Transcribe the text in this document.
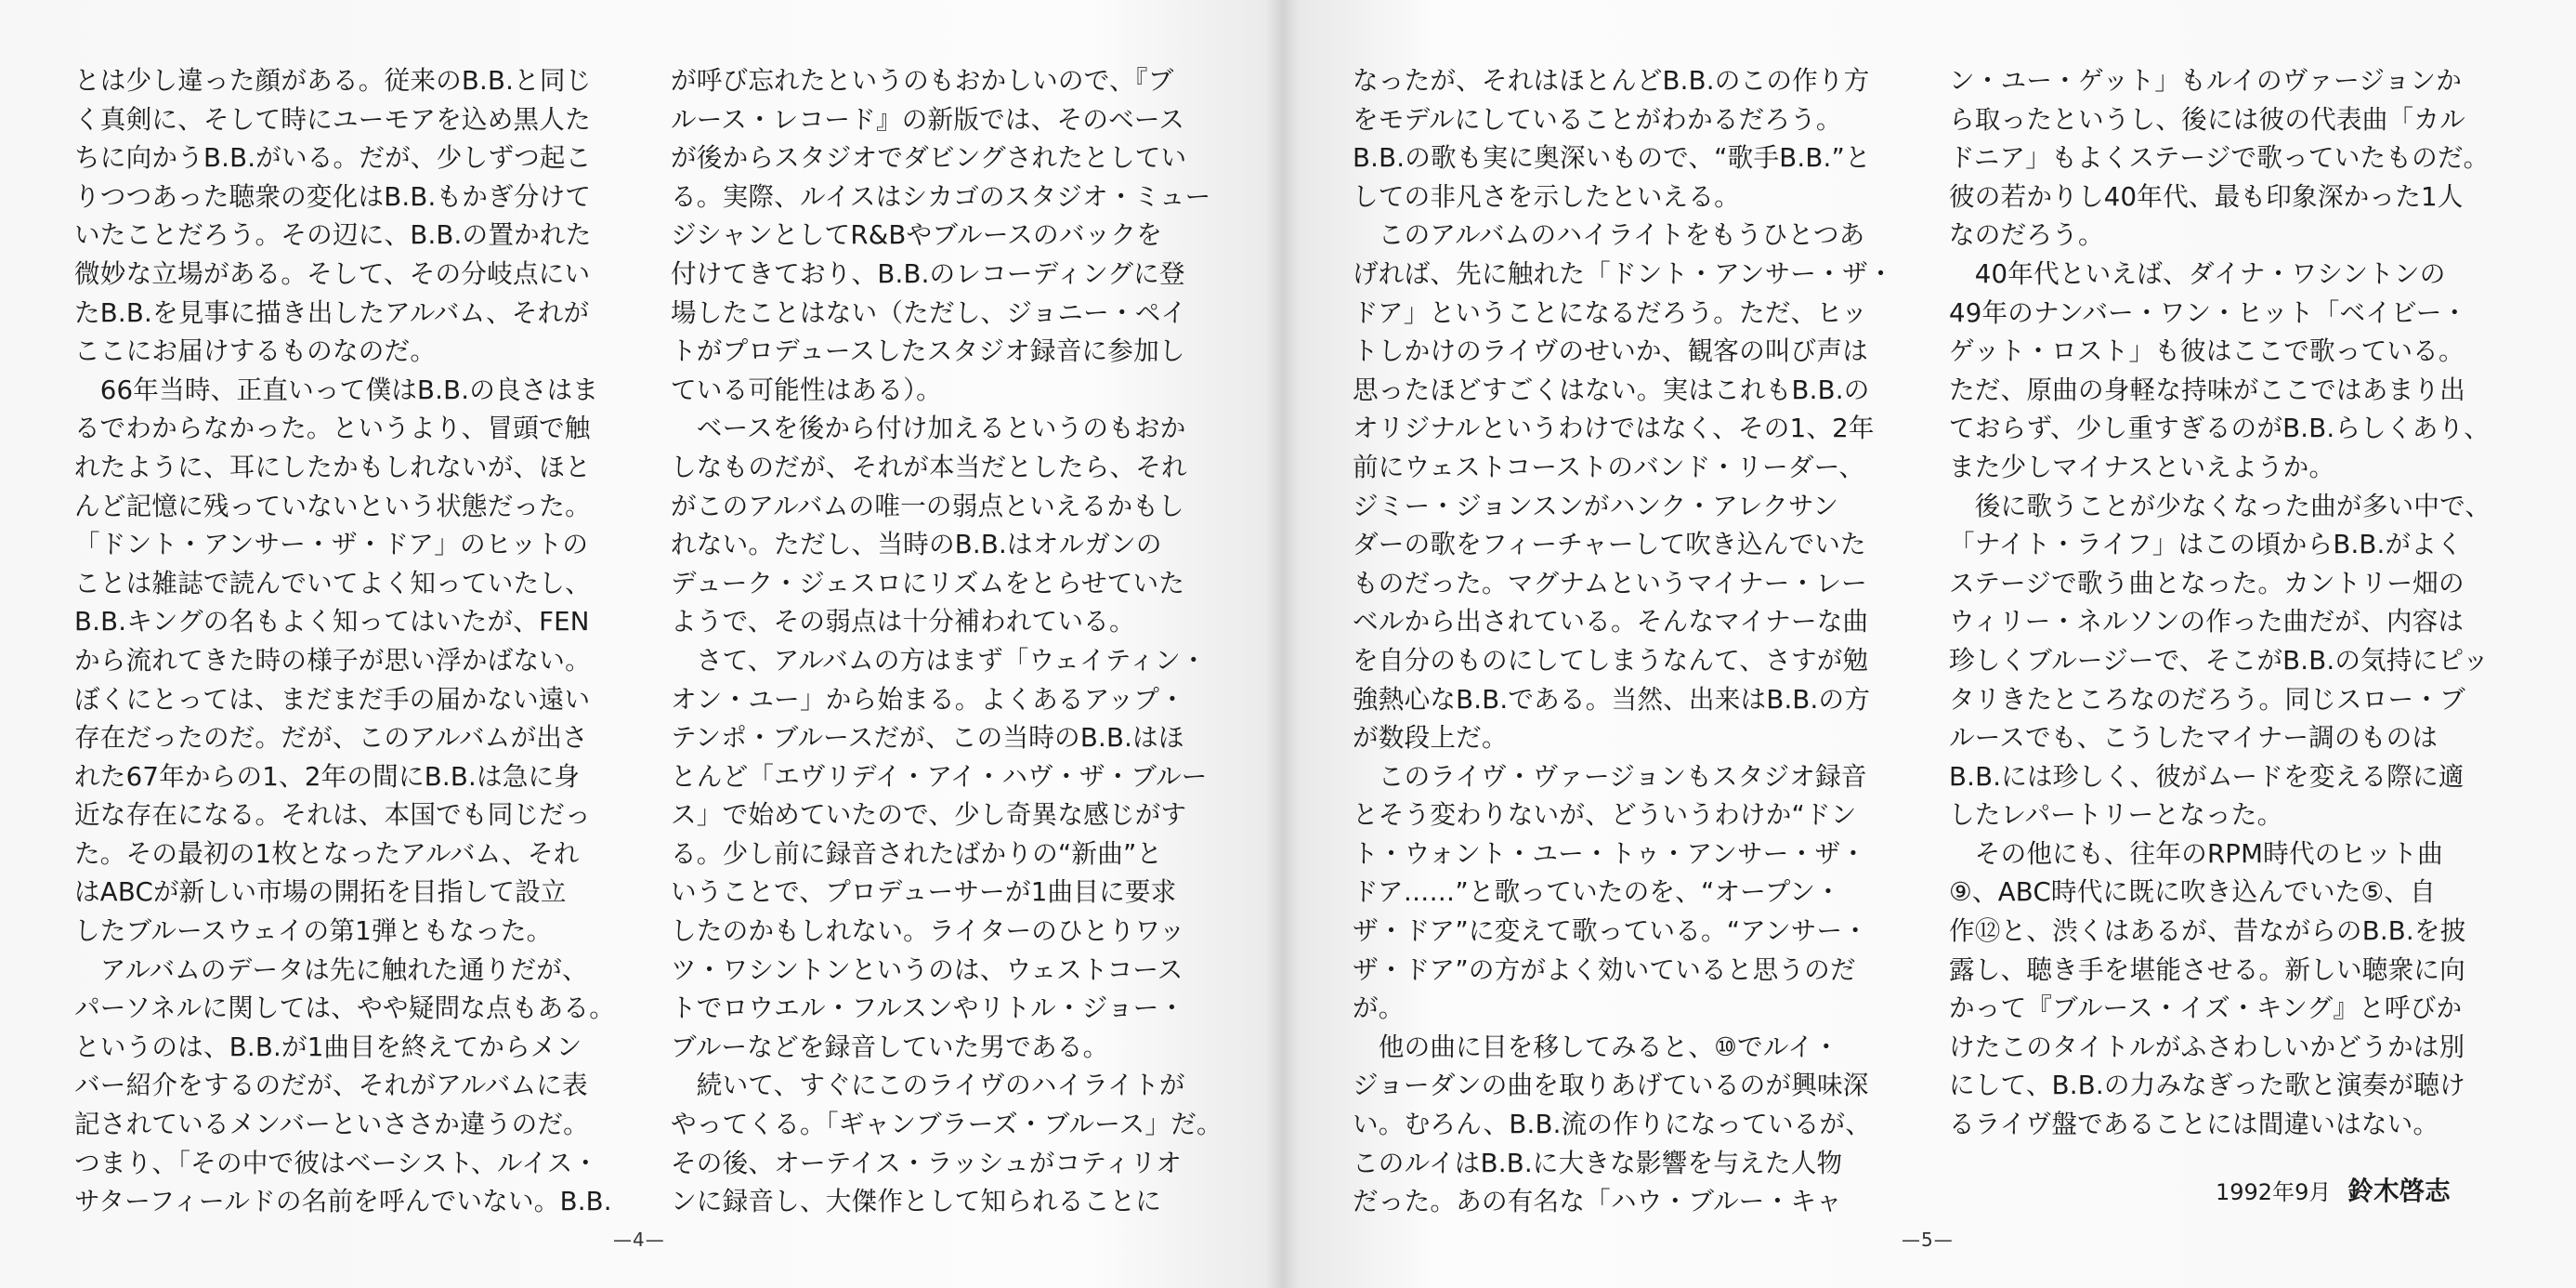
とは少し違った顔がある。従来のB.B.と同じ

く真剣に、そして時にユーモアを込め黒人た

ちに向かうB.B.がいる。だが、少しずつ起こ

りつつあった聴衆の変化はB.B.もかぎ分けて

いたことだろう。その辺に、B.B.の置かれた

微妙な立場がある。そして、その分岐点にい

たB.B.を見事に描き出したアルバム、それが

ここにお届けするものなのだ。

　66年当時、正直いって僕はB.B.の良さはま

るでわからなかった。というより、冒頭で触

れたように、耳にしたかもしれないが、ほと

んど記憶に残っていないという状態だった。

「ドント・アンサー・ザ・ドア」のヒットの

ことは雑誌で読んでいてよく知っていたし、

B.B.キングの名もよく知ってはいたが、FEN

から流れてきた時の様子が思い浮かばない。

ぼくにとっては、まだまだ手の届かない遠い

存在だったのだ。だが、このアルバムが出さ

れた67年からの1、2年の間にB.B.は急に身

近な存在になる。それは、本国でも同じだっ

た。その最初の1枚となったアルバム、それ

はABCが新しい市場の開拓を目指して設立

したブルースウェイの第1弾ともなった。

　アルバムのデータは先に触れた通りだが、

パーソネルに関しては、やや疑問な点もある。

というのは、B.B.が1曲目を終えてからメン

バー紹介をするのだが、それがアルバムに表

記されているメンバーといささか違うのだ。

つまり、「その中で彼はベーシスト、ルイス・

サターフィールドの名前を呼んでいない。B.B.

が呼び忘れたというのもおかしいので、『ブ

ルース・レコード』の新版では、そのベース

が後からスタジオでダビングされたとしてい

る。実際、ルイスはシカゴのスタジオ・ミュー

ジシャンとしてR&Bやブルースのバックを

付けてきており、B.B.のレコーディングに登

場したことはない（ただし、ジョニー・ペイ

トがプロデュースしたスタジオ録音に参加し

ている可能性はある）。

　ベースを後から付け加えるというのもおか

しなものだが、それが本当だとしたら、それ

がこのアルバムの唯一の弱点といえるかもし

れない。ただし、当時のB.B.はオルガンの

デューク・ジェスロにリズムをとらせていた

ようで、その弱点は十分補われている。

　さて、アルバムの方はまず「ウェイティン・

オン・ユー」から始まる。よくあるアップ・

テンポ・ブルースだが、この当時のB.B.はほ

とんど「エヴリデイ・アイ・ハヴ・ザ・ブルー

ス」で始めていたので、少し奇異な感じがす

る。少し前に録音されたばかりの“新曲”と

いうことで、プロデューサーが1曲目に要求

したのかもしれない。ライターのひとりワッ

ツ・ワシントンというのは、ウェストコース

トでロウエル・フルスンやリトル・ジョー・

ブルーなどを録音していた男である。

　続いて、すぐにこのライヴのハイライトが

やってくる。「ギャンブラーズ・ブルース」だ。

その後、オーテイス・ラッシュがコティリオ

ンに録音し、大傑作として知られることに

なったが、それはほとんどB.B.のこの作り方

をモデルにしていることがわかるだろう。

B.B.の歌も実に奥深いもので、“歌手B.B.”と

しての非凡さを示したといえる。

　このアルバムのハイライトをもうひとつあ

げれば、先に触れた「ドント・アンサー・ザ・

ドア」ということになるだろう。ただ、ヒッ

トしかけのライヴのせいか、観客の叫び声は

思ったほどすごくはない。実はこれもB.B.の

オリジナルというわけではなく、その1、2年

前にウェストコーストのバンド・リーダー、

ジミー・ジョンスンがハンク・アレクサン

ダーの歌をフィーチャーして吹き込んでいた

ものだった。マグナムというマイナー・レー

ベルから出されている。そんなマイナーな曲

を自分のものにしてしまうなんて、さすが勉

強熱心なB.B.である。当然、出来はB.B.の方

が数段上だ。

　このライヴ・ヴァージョンもスタジオ録音

とそう変わりないが、どういうわけか“ドン

ト・ウォント・ユー・トゥ・アンサー・ザ・

ドア……”と歌っていたのを、“オープン・

ザ・ドア”に変えて歌っている。“アンサー・

ザ・ドア”の方がよく効いていると思うのだ

が。

　他の曲に目を移してみると、⑩でルイ・

ジョーダンの曲を取りあげているのが興味深

い。むろん、B.B.流の作りになっているが、

このルイはB.B.に大きな影響を与えた人物

だった。あの有名な「ハウ・ブルー・キャ

ン・ユー・ゲット」もルイのヴァージョンか

ら取ったというし、後には彼の代表曲「カル

ドニア」もよくステージで歌っていたものだ。

彼の若かりし40年代、最も印象深かった1人

なのだろう。

　40年代といえば、ダイナ・ワシントンの

49年のナンバー・ワン・ヒット「ベイビー・

ゲット・ロスト」も彼はここで歌っている。

ただ、原曲の身軽な持味がここではあまり出

ておらず、少し重すぎるのがB.B.らしくあり、

また少しマイナスといえようか。

　後に歌うことが少なくなった曲が多い中で、

「ナイト・ライフ」はこの頃からB.B.がよく

ステージで歌う曲となった。カントリー畑の

ウィリー・ネルソンの作った曲だが、内容は

珍しくブルージーで、そこがB.B.の気持にピッ

タリきたところなのだろう。同じスロー・ブ

ルースでも、こうしたマイナー調のものは

B.B.には珍しく、彼がムードを変える際に適

したレパートリーとなった。

　その他にも、往年のRPM時代のヒット曲

⑨、ABC時代に既に吹き込んでいた⑤、自

作⑫と、渋くはあるが、昔ながらのB.B.を披

露し、聴き手を堪能させる。新しい聴衆に向

かって『ブルース・イズ・キング』と呼びか

けたこのタイトルがふさわしいかどうかは別

にして、B.B.の力みなぎった歌と演奏が聴け

るライヴ盤であることには間違いはない。

1992年9月 鈴木啓志
—4—	—5—
